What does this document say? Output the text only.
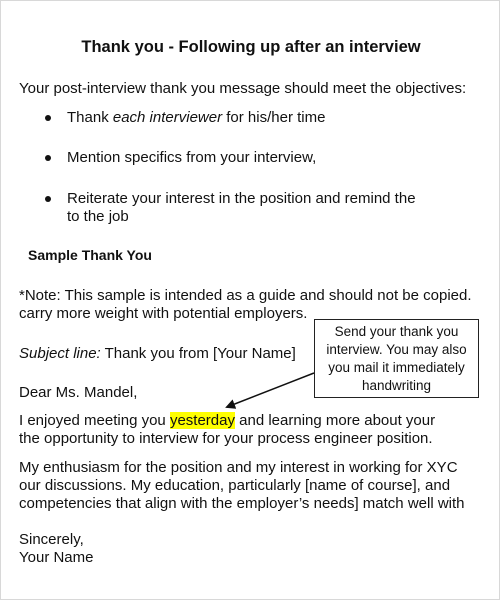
Thank you - Following up after an interview
Your post-interview thank you message should meet the objectives:
Thank each interviewer for his/her time
Mention specifics from your interview,
Reiterate your interest in the position and remind the
to the job
Sample Thank You
*Note: This sample is intended as a guide and should not be copied.
carry more weight with potential employers.
Subject line: Thank you from [Your Name]
Dear Ms. Mandel,
I enjoyed meeting you yesterday and learning more about your
the opportunity to interview for your process engineer position.
My enthusiasm for the position and my interest in working for XYC
our discussions. My education, particularly [name of course], and
competencies that align with the employer’s needs] match well with
Sincerely,
Your Name
Send your thank you
interview. You may also
you mail it immediately
handwriting
